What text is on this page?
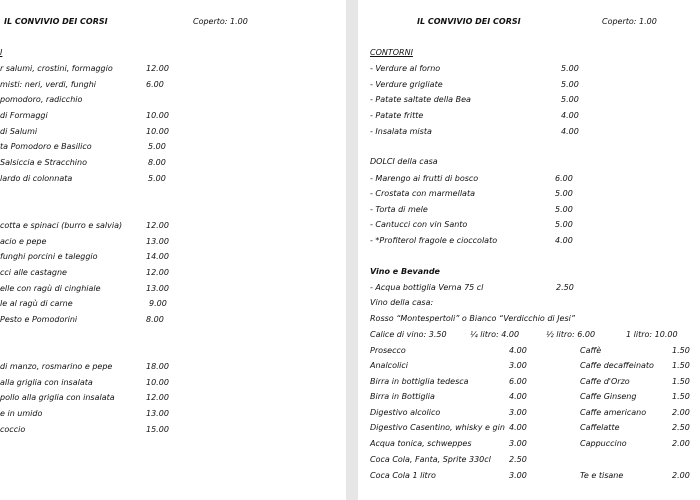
IL CONVIVIO DEI CORSI	Coperto: 1.00
I
r salumi, crostini, formaggio	12.00
misti: neri, verdi, funghi	6.00
pomodoro, radicchio
di Formaggi	10.00
di Salumi	10.00
ta Pomodoro e Basilico	5.00
Salsiccia e Stracchino	8.00
lardo di colonnata	5.00
cotta e spinaci (burro e salvia)	12.00
acio e pepe	13.00
funghi porcini e taleggio	14.00
cci alle castagne	12.00
elle con ragù di cinghiale	13.00
le al ragù di carne	9.00
Pesto e Pomodorini	8.00
di manzo, rosmarino e pepe	18.00
alla griglia con insalata	10.00
pollo alla griglia con insalata	12.00
e in umido	13.00
coccio	15.00
IL CONVIVIO DEI CORSI	Coperto: 1.00
CONTORNI
- Verdure al forno	5.00
- Verdure grigliate	5.00
- Patate saltate della Bea	5.00
- Patate fritte	4.00
- Insalata mista	4.00
DOLCI della casa
- Marengo ai frutti di bosco	6.00
- Crostata con marmellata	5.00
- Torta di mele	5.00
- Cantucci con vin Santo	5.00
- *Profiterol fragole e cioccolato	4.00
Vino e Bevande
- Acqua bottiglia Verna 75 cl	2.50
Vino della casa:
Rosso “Montespertoli” o Bianco “Verdicchio di Jesi”
Calice di vino: 3.50	¼ litro: 4.00	½ litro: 6.00	1 litro: 10.00
Prosecco	4.00
Analcolici	3.00
Birra in bottiglia tedesca	6.00
Birra in Bottiglia	4.00
Digestivo alcolico	3.00
Digestivo Casentino, whisky e gin 4.00
Acqua tonica, schweppes	3.00
Coca Cola, Fanta, Sprite 330cl 2.50
Coca Cola 1 litro	3.00
Caffè	1.50
Caffe decaffeinato 1.50
Caffe d'Orzo	1.50
Caffe Ginseng	1.50
Caffe americano	2.00
Caffelatte	2.50
Cappuccino	2.00
Te e tisane	2.00
